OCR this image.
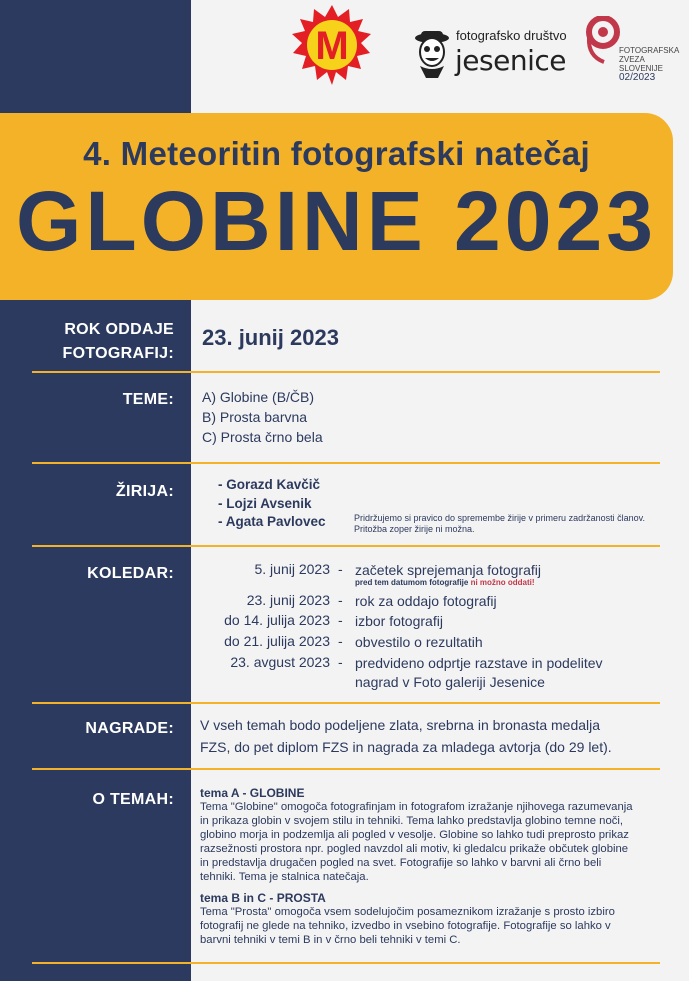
M	fotografsko društvo
jesenice	FOTOGRAFSKA
ZVEZA
SLOVENIJE
02/2023
4. Meteoritin fotografski natečaj
GLOBINE 2023
ROK ODDAJE
FOTOGRAFIJ:
23. junij 2023
TEME: A) Globine (B/ČB)
B) Prosta barvna
C) Prosta črno bela
ŽIRIJA:	- Gorazd Kavčič
- Lojzi Avsenik
- Agata Pavlovec	Pridržujemo si pravico do spremembe žirije v primeru zadržanosti članov.
Pritožba zoper žirije ni možna.
KOLEDAR:	5. junij 2023 - začetek sprejemanja fotografij
pred tem datumom fotografije ni možno oddati!
23. junij 2023 - rok za oddajo fotografij
do 14. julija 2023 - izbor fotografij
do 21. julija 2023 - obvestilo o rezultatih
23. avgust 2023 - predvideno odprtje razstave in podelitev
nagrad v Foto galeriji Jesenice
NAGRADE: V vseh temah bodo podeljene zlata, srebrna in bronasta medalja
FZS, do pet diplom FZS in nagrada za mladega avtorja (do 29 let).
O TEMAH: tema A - GLOBINE
Tema "Globine" omogoča fotografinjam in fotografom izražanje njihovega razumevanja
in prikaza globin v svojem stilu in tehniki. Tema lahko predstavlja globino temne noči,
globino morja in podzemlja ali pogled v vesolje. Globine so lahko tudi preprosto prikaz
razsežnosti prostora npr. pogled navzdol ali motiv, ki gledalcu prikaže občutek globine
in predstavlja drugačen pogled na svet. Fotografije so lahko v barvni ali črno beli
tehniki. Tema je stalnica natečaja.
tema B in C - PROSTA
Tema "Prosta" omogoča vsem sodelujočim posameznikom izražanje s prosto izbiro
fotografij ne glede na tehniko, izvedbo in vsebino fotografije. Fotografije so lahko v
barvni tehniki v temi B in v črno beli tehniki v temi C.
